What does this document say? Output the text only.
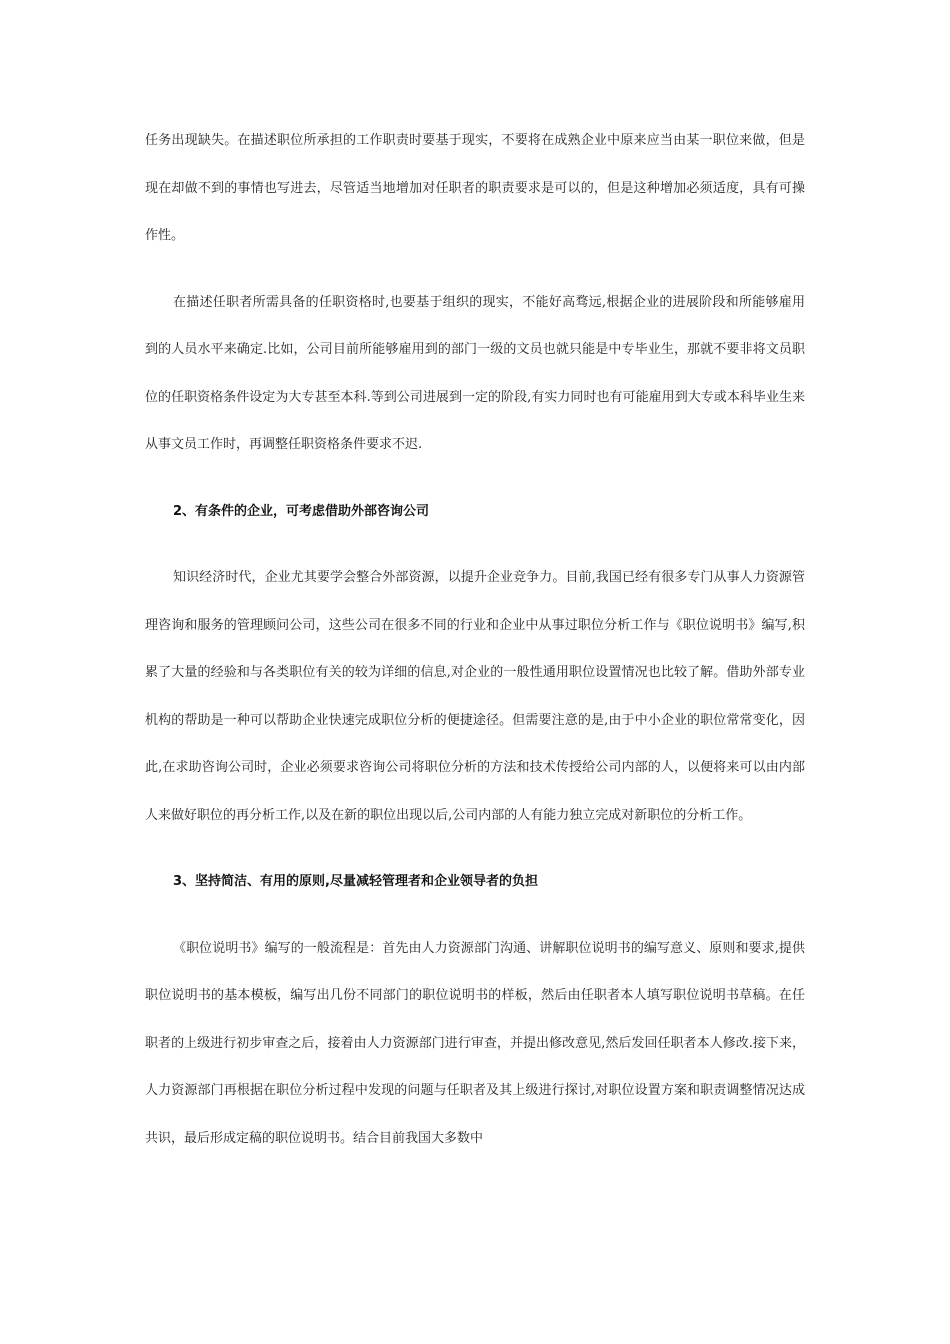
任务出现缺失。在描述职位所承担的工作职责时要基于现实，不要将在成熟企业中原来应当由某一职位来做，但是现在却做不到的事情也写进去，尽管适当地增加对任职者的职责要求是可以的，但是这种增加必须适度，具有可操作性。

在描述任职者所需具备的任职资格时,也要基于组织的现实，不能好高骛远,根据企业的进展阶段和所能够雇用到的人员水平来确定.比如，公司目前所能够雇用到的部门一级的文员也就只能是中专毕业生，那就不要非将文员职位的任职资格条件设定为大专甚至本科.等到公司进展到一定的阶段,有实力同时也有可能雇用到大专或本科毕业生来从事文员工作时，再调整任职资格条件要求不迟.

2、有条件的企业，可考虑借助外部咨询公司

知识经济时代，企业尤其要学会整合外部资源，以提升企业竞争力。目前,我国已经有很多专门从事人力资源管理咨询和服务的管理顾问公司，这些公司在很多不同的行业和企业中从事过职位分析工作与《职位说明书》编写,积累了大量的经验和与各类职位有关的较为详细的信息,对企业的一般性通用职位设置情况也比较了解。借助外部专业机构的帮助是一种可以帮助企业快速完成职位分析的便捷途径。但需要注意的是,由于中小企业的职位常常变化，因此,在求助咨询公司时，企业必须要求咨询公司将职位分析的方法和技术传授给公司内部的人，以便将来可以由内部人来做好职位的再分析工作,以及在新的职位出现以后,公司内部的人有能力独立完成对新职位的分析工作。

3、坚持简洁、有用的原则,尽量减轻管理者和企业领导者的负担

《职位说明书》编写的一般流程是：首先由人力资源部门沟通、讲解职位说明书的编写意义、原则和要求,提供职位说明书的基本模板，编写出几份不同部门的职位说明书的样板，然后由任职者本人填写职位说明书草稿。在任职者的上级进行初步审查之后，接着由人力资源部门进行审查，并提出修改意见,然后发回任职者本人修改.接下来，人力资源部门再根据在职位分析过程中发现的问题与任职者及其上级进行探讨,对职位设置方案和职责调整情况达成共识，最后形成定稿的职位说明书。结合目前我国大多数中
